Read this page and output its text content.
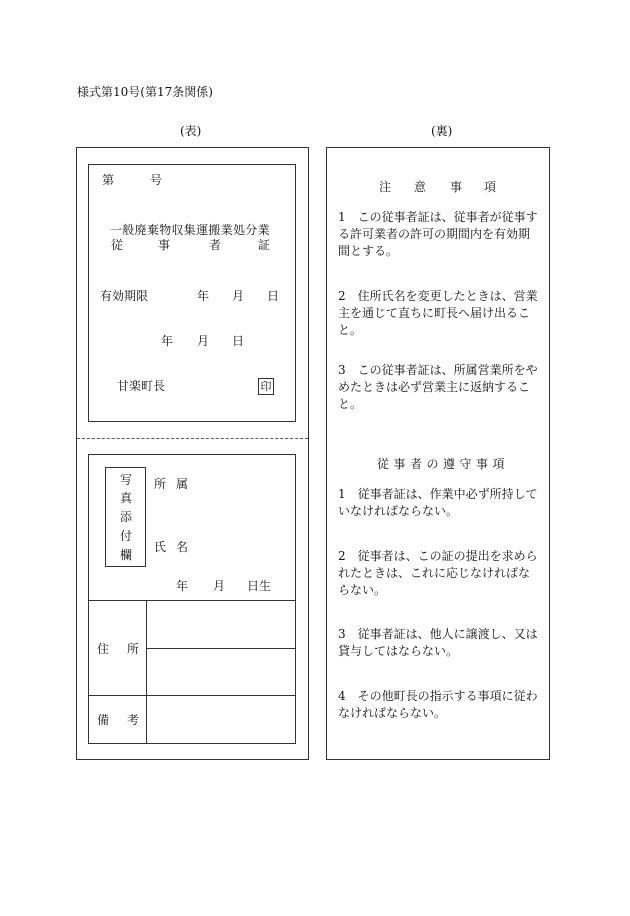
様式第10号(第17条関係)
(表)	(裏)
第	号
一般廃棄物収集運搬業処分業
従	事	者	証
有効期限	年 月 日
年 月 日
甘楽町長	印
写
真
添
付
欄
所 属
氏 名
年 月 日生
住 所
備 考
注 意 事 項
1　この従事者証は、従事者が従事す
る許可業者の許可の期間内を有効期
間とする。
2　住所氏名を変更したときは、営業
主を通じて直ちに町長へ届け出るこ
と。
3　この従事者証は、所属営業所をや
めたときは必ず営業主に返納するこ
と。
従事者の遵守事項
1　従事者証は、作業中必ず所持して
いなければならない。
2　従事者は、この証の提出を求めら
れたときは、これに応じなければな
らない。
3　従事者証は、他人に譲渡し、又は
貸与してはならない。
4　その他町長の指示する事項に従わ
なければならない。
